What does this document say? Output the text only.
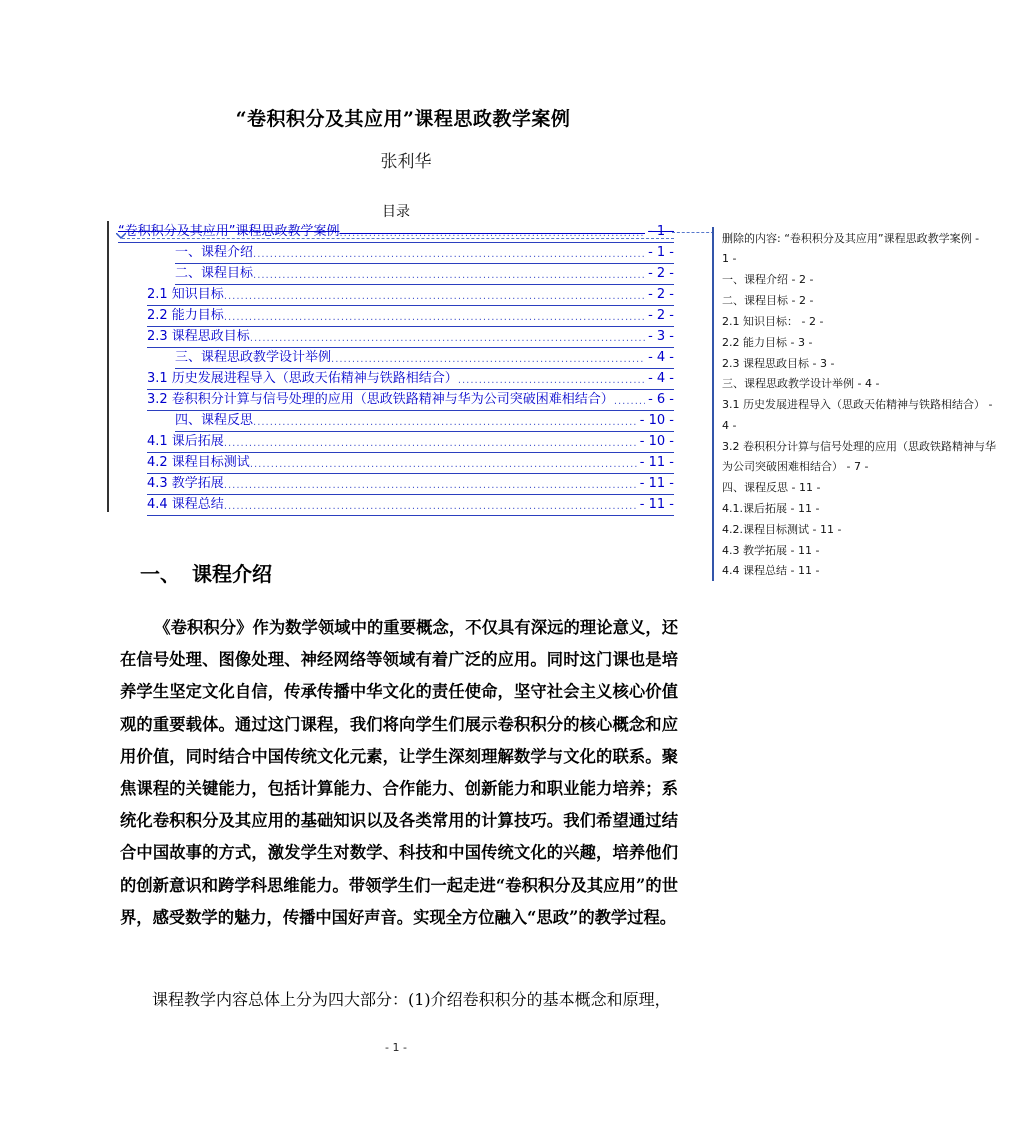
“卷积积分及其应用”课程思政教学案例
张利华
目录
“卷积积分及其应用”课程思政教学案例 .....	- 1 -
一、课程介绍 .....	- 1 -
二、课程目标 .....	- 2 -
2.1 知识目标 .....	- 2 -
2.2 能力目标 .....	- 2 -
2.3 课程思政目标 .....	- 3 -
三、课程思政教学设计举例 .....	- 4 -
3.1 历史发展进程导入（思政天佑精神与铁路相结合） .....	- 4 -
3.2 卷积积分计算与信号处理的应用（思政铁路精神与华为公司突破困难相结合） .....	- 6 -
四、课程反思 .....	- 10 -
4.1 课后拓展 .....	- 10 -
4.2 课程目标测试 .....	- 11 -
4.3 教学拓展 .....	- 11 -
4.4 课程总结 .....	- 11 -
删除的内容: “卷积积分及其应用”课程思政教学案例 -
1 -
一、课程介绍 - 2 -
二、课程目标 - 2 -
2.1 知识目标： - 2 -
2.2 能力目标 - 3 -
2.3 课程思政目标 - 3 -
三、课程思政教学设计举例 - 4 -
3.1 历史发展进程导入（思政天佑精神与铁路相结合） -
4 -
3.2 卷积积分计算与信号处理的应用（思政铁路精神与华
为公司突破困难相结合） - 7 -
四、课程反思 - 11 -
4.1.课后拓展 - 11 -
4.2.课程目标测试 - 11 -
4.3 教学拓展 - 11 -
4.4 课程总结 - 11 -
一、 课程介绍
《卷积积分》作为数学领域中的重要概念，不仅具有深远的理论意义，还在信号处理、图像处理、神经网络等领域有着广泛的应用。同时这门课也是培养学生坚定文化自信，传承传播中华文化的责任使命，坚守社会主义核心价值观的重要载体。通过这门课程，我们将向学生们展示卷积积分的核心概念和应用价值，同时结合中国传统文化元素，让学生深刻理解数学与文化的联系。聚焦课程的关键能力，包括计算能力、合作能力、创新能力和职业能力培养；系统化卷积积分及其应用的基础知识以及各类常用的计算技巧。我们希望通过结合中国故事的方式，激发学生对数学、科技和中国传统文化的兴趣，培养他们的创新意识和跨学科思维能力。带领学生们一起走进“卷积积分及其应用”的世界，感受数学的魅力，传播中国好声音。实现全方位融入“思政”的教学过程。
课程教学内容总体上分为四大部分：(1)介绍卷积积分的基本概念和原理，
- 1 -
